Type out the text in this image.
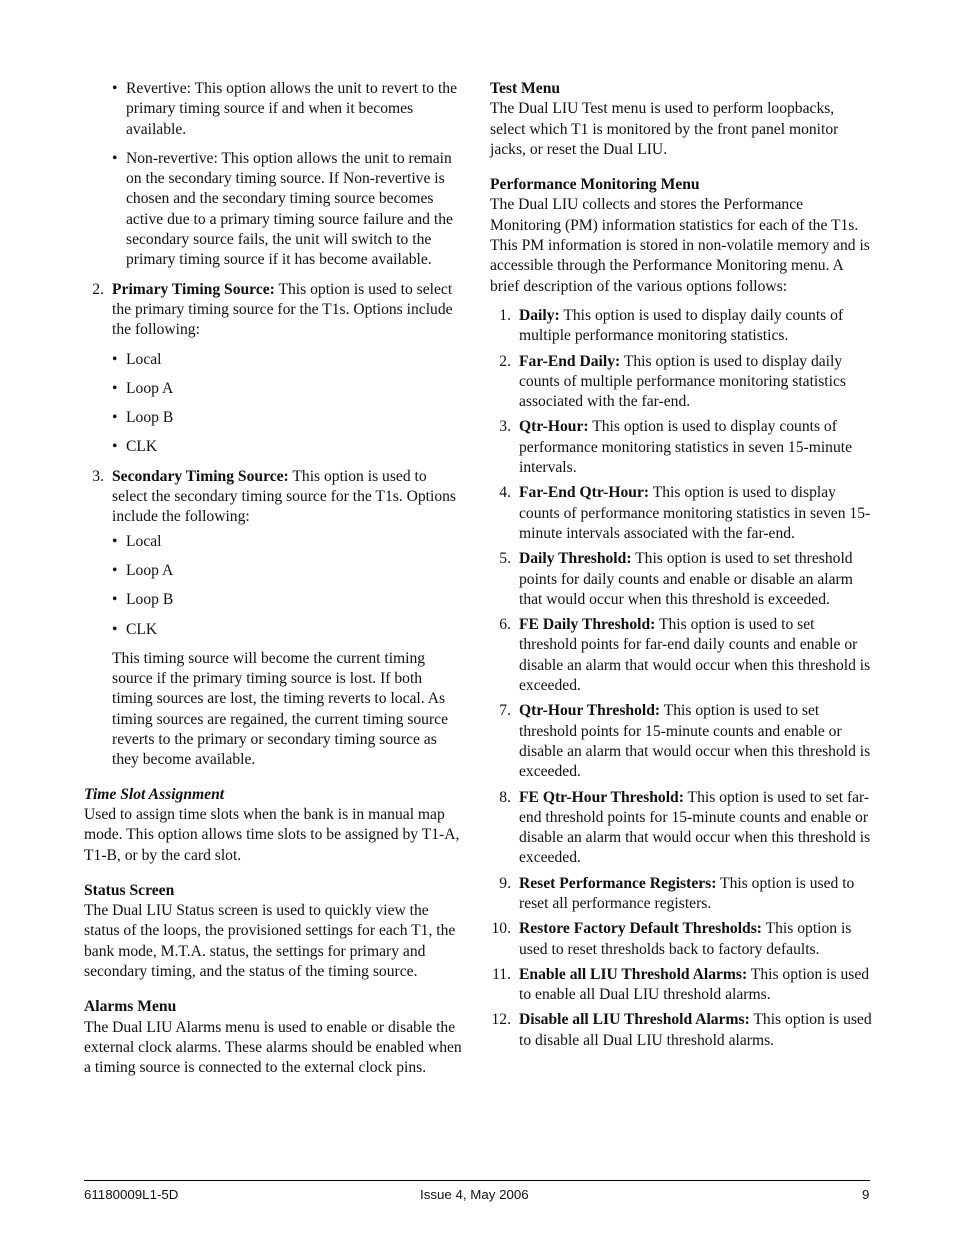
• Revertive: This option allows the unit to revert to the primary timing source if and when it becomes available.
• Non-revertive: This option allows the unit to remain on the secondary timing source. If Non-revertive is chosen and the secondary timing source becomes active due to a primary timing source failure and the secondary source fails, the unit will switch to the primary timing source if it has become available.
2. Primary Timing Source: This option is used to select the primary timing source for the T1s. Options include the following:
• Local
• Loop A
• Loop B
• CLK
3. Secondary Timing Source: This option is used to select the secondary timing source for the T1s. Options include the following:
• Local
• Loop A
• Loop B
• CLK

This timing source will become the current timing source if the primary timing source is lost. If both timing sources are lost, the timing reverts to local. As timing sources are regained, the current timing source reverts to the primary or secondary timing source as they become available.

Time Slot Assignment

Used to assign time slots when the bank is in manual map mode. This option allows time slots to be assigned by T1-A, T1-B, or by the card slot.

Status Screen

The Dual LIU Status screen is used to quickly view the status of the loops, the provisioned settings for each T1, the bank mode, M.T.A. status, the settings for primary and secondary timing, and the status of the timing source.

Alarms Menu

The Dual LIU Alarms menu is used to enable or disable the external clock alarms. These alarms should be enabled when a timing source is connected to the external clock pins.

Test Menu

The Dual LIU Test menu is used to perform loopbacks, select which T1 is monitored by the front panel monitor jacks, or reset the Dual LIU.

Performance Monitoring Menu

The Dual LIU collects and stores the Performance Monitoring (PM) information statistics for each of the T1s. This PM information is stored in non-volatile memory and is accessible through the Performance Monitoring menu. A brief description of the various options follows:

1. Daily: This option is used to display daily counts of multiple performance monitoring statistics.
2. Far-End Daily: This option is used to display daily counts of multiple performance monitoring statistics associated with the far-end.
3. Qtr-Hour: This option is used to display counts of performance monitoring statistics in seven 15-minute intervals.
4. Far-End Qtr-Hour: This option is used to display counts of performance monitoring statistics in seven 15-minute intervals associated with the far-end.
5. Daily Threshold: This option is used to set threshold points for daily counts and enable or disable an alarm that would occur when this threshold is exceeded.
6. FE Daily Threshold: This option is used to set threshold points for far-end daily counts and enable or disable an alarm that would occur when this threshold is exceeded.
7. Qtr-Hour Threshold: This option is used to set threshold points for 15-minute counts and enable or disable an alarm that would occur when this threshold is exceeded.
8. FE Qtr-Hour Threshold: This option is used to set far-end threshold points for 15-minute counts and enable or disable an alarm that would occur when this threshold is exceeded.
9. Reset Performance Registers: This option is used to reset all performance registers.
10. Restore Factory Default Thresholds: This option is used to reset thresholds back to factory defaults.
11. Enable all LIU Threshold Alarms: This option is used to enable all Dual LIU threshold alarms.
12. Disable all LIU Threshold Alarms: This option is used to disable all Dual LIU threshold alarms.
61180009L1-5D	Issue 4, May 2006	9
